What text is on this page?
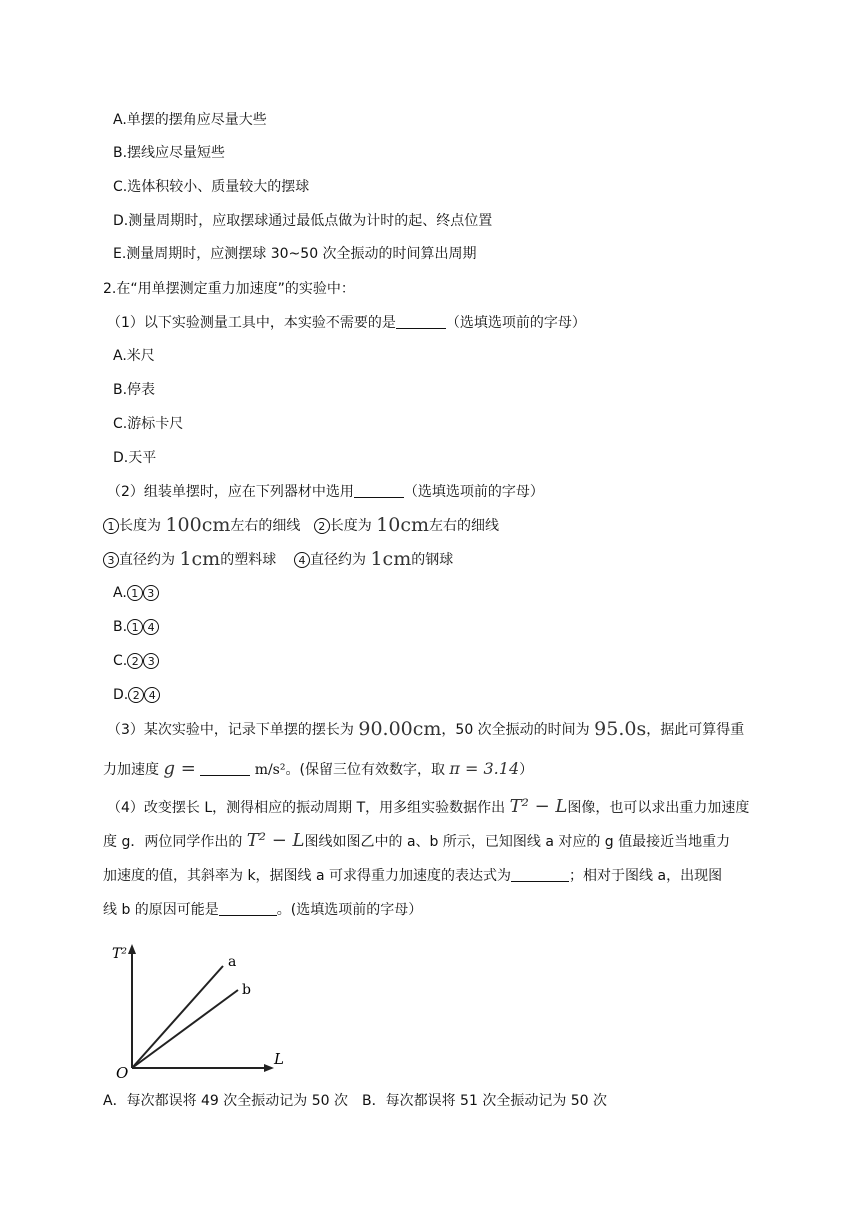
A.单摆的摆角应尽量大些
B.摆线应尽量短些
C.选体积较小、质量较大的摆球
D.测量周期时，应取摆球通过最低点做为计时的起、终点位置
E.测量周期时，应测摆球 30~50 次全振动的时间算出周期
2.在“用单摆测定重力加速度”的实验中：
（1）以下实验测量工具中，本实验不需要的是	（选填选项前的字母）
A.米尺
B.停表
C.游标卡尺
D.天平
（2）组装单摆时，应在下列器材中选用	（选填选项前的字母）
1 长度为 100cm左右的细线 2 长度为 10cm左右的细线
3 直径约为 1cm的塑料球 4 直径约为 1cm的钢球
A. 1 3
B. 1 4
C. 2 3
D. 2 4
（3）某次实验中，记录下单摆的摆长为 90.00cm，50 次全振动的时间为 95.0s，据此可算得重
力加速度 g =	m/s²。(保留三位有效数字，取 π = 3.14）
（4）改变摆长 L，测得相应的振动周期 T，用多组实验数据作出 T² − L图像，也可以求出重力加速度
度 g．两位同学作出的 T² − L图线如图乙中的 a、b 所示，已知图线 a 对应的 g 值最接近当地重力
加速度的值，其斜率为 k，据图线 a 可求得重力加速度的表达式为	；相对于图线 a，出现图
线 b 的原因可能是	。(选填选项前的字母）
T²
L
O
a
b
A．每次都误将 49 次全振动记为 50 次　B．每次都误将 51 次全振动记为 50 次
